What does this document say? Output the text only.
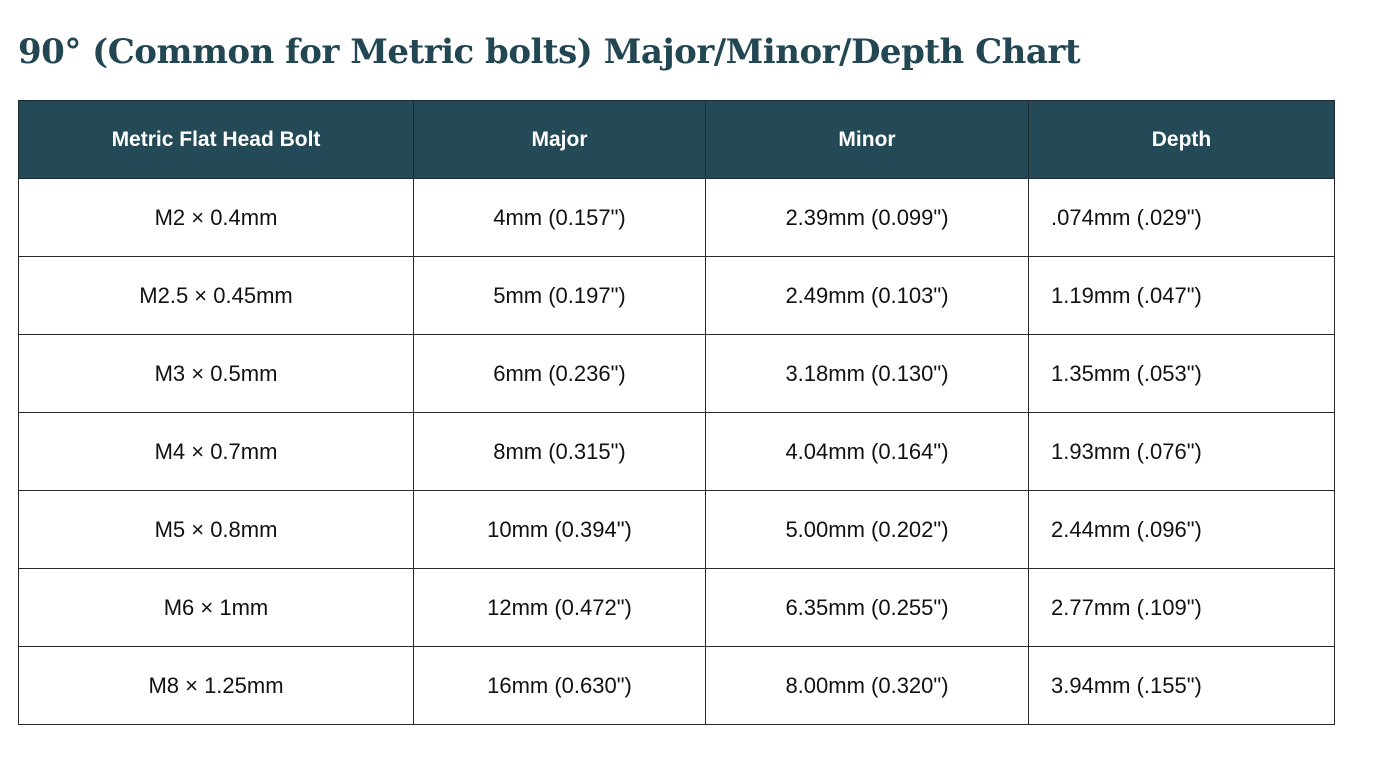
90° (Common for Metric bolts) Major/Minor/Depth Chart
Metric Flat Head Bolt	Major	Minor	Depth
M2 × 0.4mm	4mm (0.157")	2.39mm (0.099")	.074mm (.029")
M2.5 × 0.45mm	5mm (0.197")	2.49mm (0.103")	1.19mm (.047")
M3 × 0.5mm	6mm (0.236")	3.18mm (0.130")	1.35mm (.053")
M4 × 0.7mm	8mm (0.315")	4.04mm (0.164")	1.93mm (.076")
M5 × 0.8mm	10mm (0.394")	5.00mm (0.202")	2.44mm (.096")
M6 × 1mm	12mm (0.472")	6.35mm (0.255")	2.77mm (.109")
M8 × 1.25mm	16mm (0.630")	8.00mm (0.320")	3.94mm (.155")
